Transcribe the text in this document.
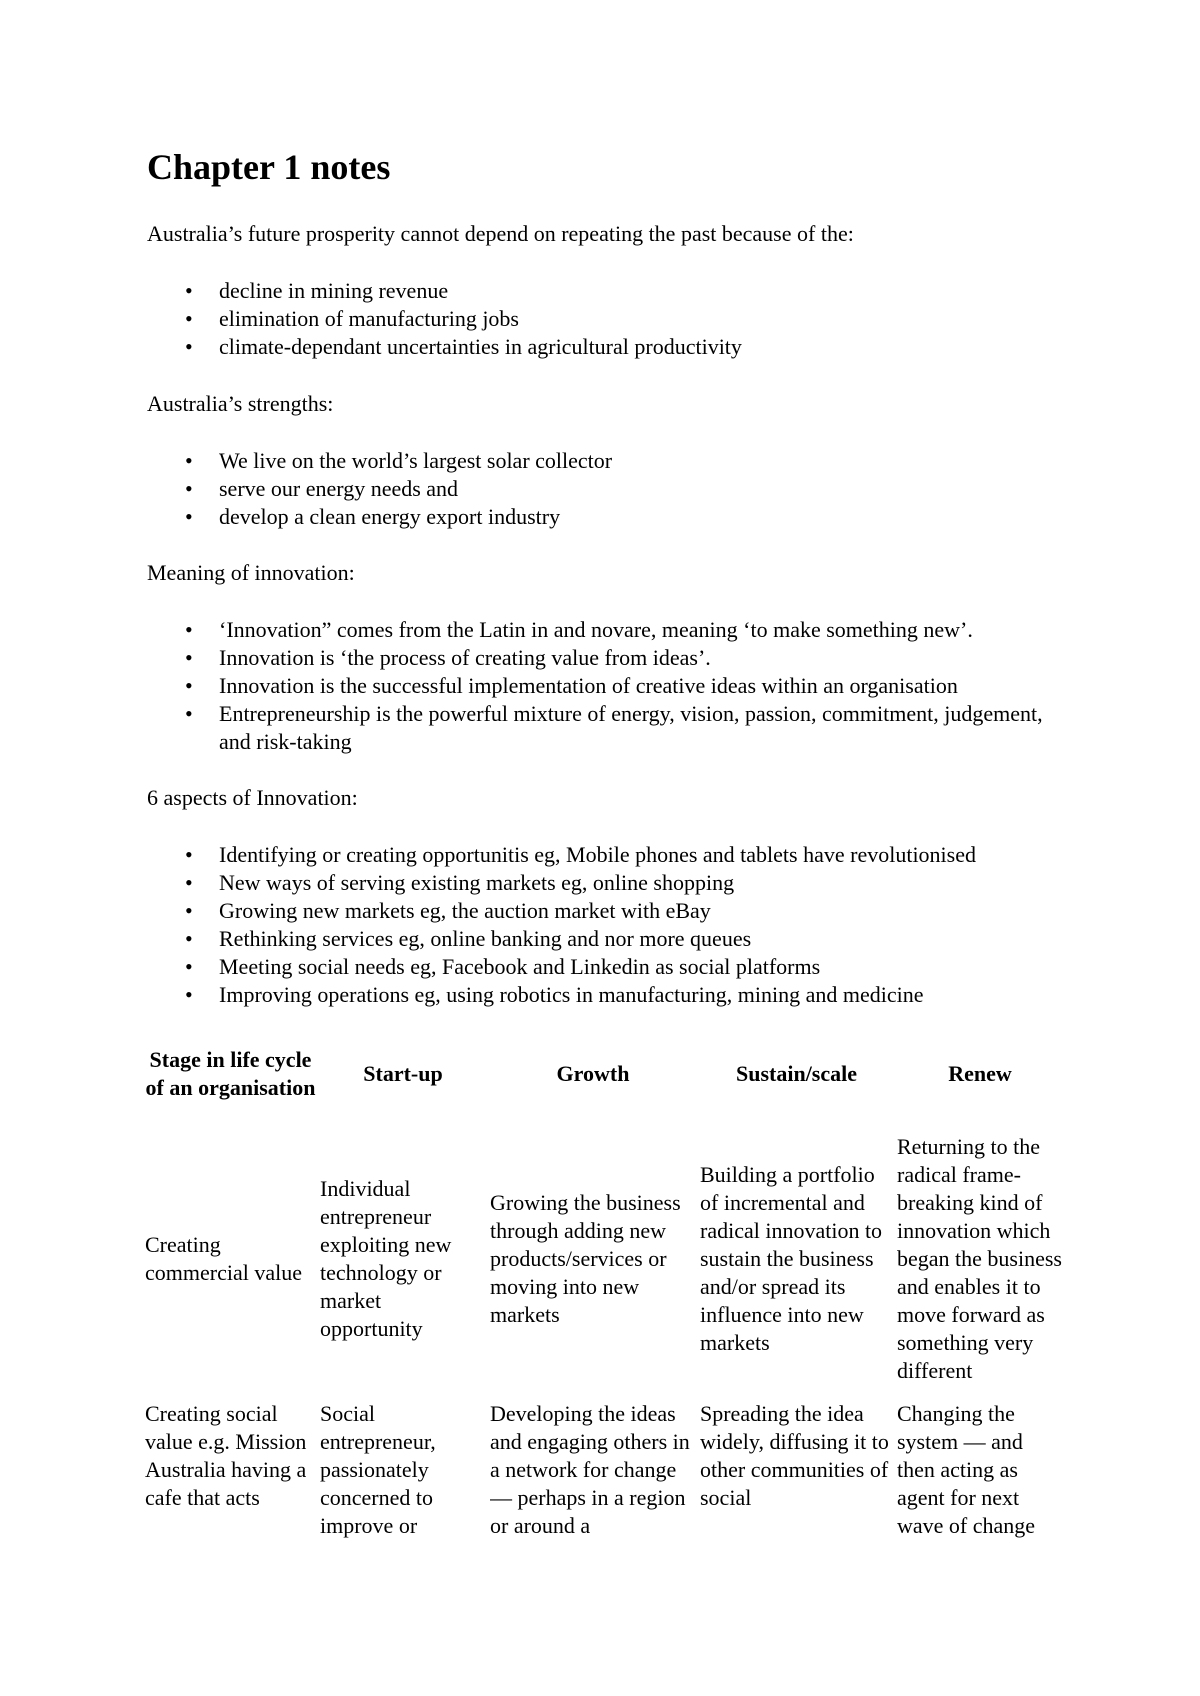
Chapter 1 notes

Australia’s future prosperity cannot depend on repeating the past because of the:

• decline in mining revenue
• elimination of manufacturing jobs
• climate-dependant uncertainties in agricultural productivity

Australia’s strengths:

• We live on the world’s largest solar collector
• serve our energy needs and
• develop a clean energy export industry

Meaning of innovation:

• ‘Innovation” comes from the Latin in and novare, meaning ‘to make something new’.
• Innovation is ‘the process of creating value from ideas’.
• Innovation is the successful implementation of creative ideas within an organisation
• Entrepreneurship is the powerful mixture of energy, vision, passion, commitment, judgement, and risk-taking

6 aspects of Innovation:

• Identifying or creating opportunitis eg, Mobile phones and tablets have revolutionised
• New ways of serving existing markets eg, online shopping
• Growing new markets eg, the auction market with eBay
• Rethinking services eg, online banking and nor more queues
• Meeting social needs eg, Facebook and Linkedin as social platforms
• Improving operations eg, using robotics in manufacturing, mining and medicine
Stage in life cycle of an organisation	Start-up	Growth	Sustain/scale	Renew
Creating commercial value	Individual entrepreneur exploiting new technology or market opportunity	Growing the business through adding new products/services or moving into new markets	Building a portfolio of incremental and radical innovation to sustain the business and/or spread its influence into new markets	Returning to the radical frame-breaking kind of innovation which began the business and enables it to move forward as something very different

Creating social value e.g. Mission Australia having a cafe that acts	Social entrepreneur, passionately concerned to improve or	Developing the ideas and engaging others in a network for change — perhaps in a region or around a	Spreading the idea widely, diffusing it to other communities of social	Changing the system — and then acting as agent for next wave of change
